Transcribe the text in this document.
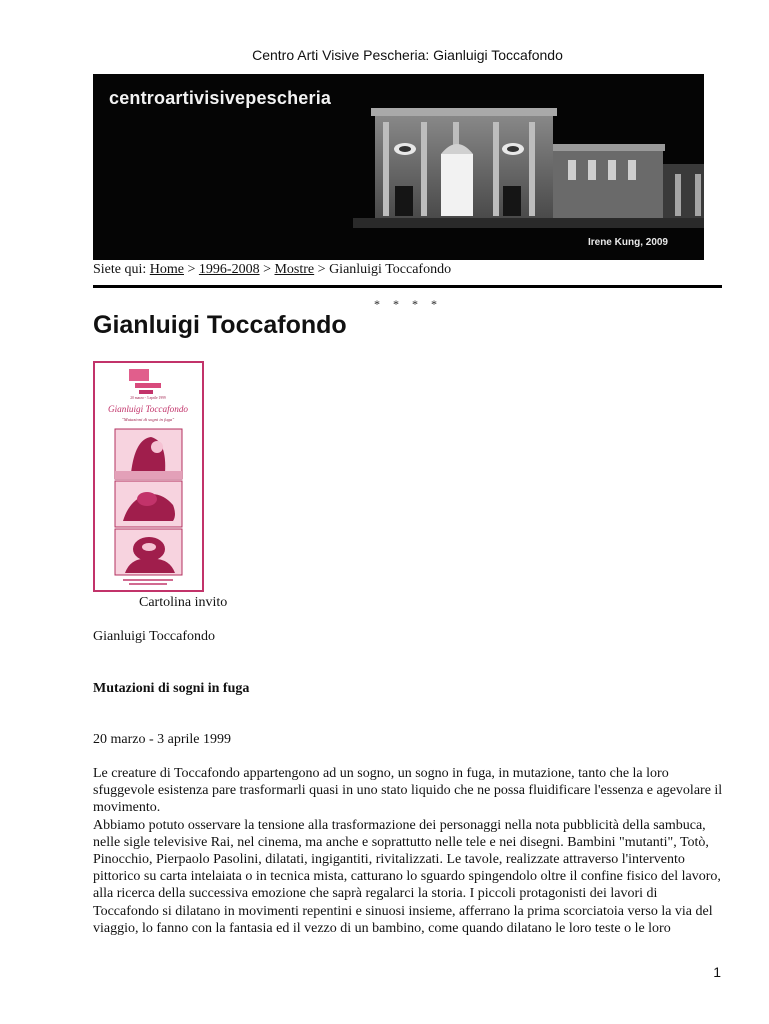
Centro Arti Visive Pescheria: Gianluigi Toccafondo
centroartivisivepescheria
Irene Kung, 2009
Siete qui: Home > 1996-2008 > Mostre > Gianluigi Toccafondo
* * * *
Gianluigi Toccafondo
20 marzo - 3 aprile 1999
Gianluigi Toccafondo
"Mutazioni di sogni in fuga"
Cartolina invito

Gianluigi Toccafondo

Mutazioni di sogni in fuga

20 marzo - 3 aprile 1999

Le creature di Toccafondo appartengono ad un sogno, un sogno in fuga, in mutazione, tanto che la loro sfuggevole esistenza pare trasformarli quasi in uno stato liquido che ne possa fluidificare l'essenza e agevolare il movimento.

Abbiamo potuto osservare la tensione alla trasformazione dei personaggi nella nota pubblicità della sambuca, nelle sigle televisive Rai, nel cinema, ma anche e soprattutto nelle tele e nei disegni. Bambini "mutanti", Totò, Pinocchio, Pierpaolo Pasolini, dilatati, ingigantiti, rivitalizzati. Le tavole, realizzate attraverso l'intervento pittorico su carta intelaiata o in tecnica mista, catturano lo sguardo spingendolo oltre il confine fisico del lavoro, alla ricerca della successiva emozione che saprà regalarci la storia. I piccoli protagonisti dei lavori di Toccafondo si dilatano in movimenti repentini e sinuosi insieme, afferrano la prima scorciatoia verso la via del viaggio, lo fanno con la fantasia ed il vezzo di un bambino, come quando dilatano le loro teste o le loro

1
